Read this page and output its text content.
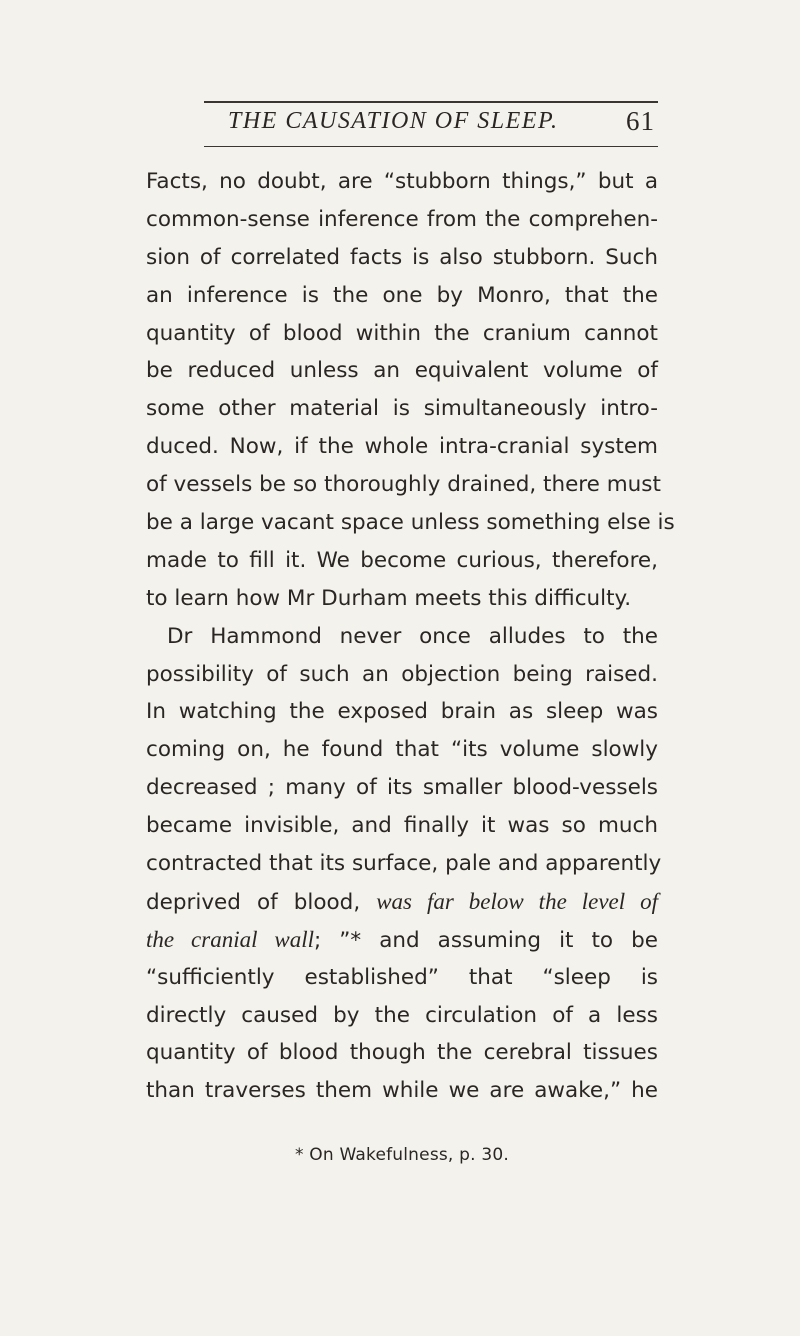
THE CAUSATION OF SLEEP. 61
Facts, no doubt, are “stubborn things,” but a
common-sense inference from the comprehen-
sion of correlated facts is also stubborn. Such
an inference is the one by Monro, that the
quantity of blood within the cranium cannot
be reduced unless an equivalent volume of
some other material is simultaneously intro-
duced. Now, if the whole intra-cranial system
of vessels be so thoroughly drained, there must
be a large vacant space unless something else is
made to fill it. We become curious, therefore,
to learn how Mr Durham meets this difficulty.
Dr Hammond never once alludes to the
possibility of such an objection being raised.
In watching the exposed brain as sleep was
coming on, he found that “its volume slowly
decreased ; many of its smaller blood-vessels
became invisible, and finally it was so much
contracted that its surface, pale and apparently
deprived of blood, was far below the level of
the cranial wall; ”* and assuming it to be
“sufficiently established” that “sleep is
directly caused by the circulation of a less
quantity of blood though the cerebral tissues
than traverses them while we are awake,” he
* On Wakefulness, p. 30.
